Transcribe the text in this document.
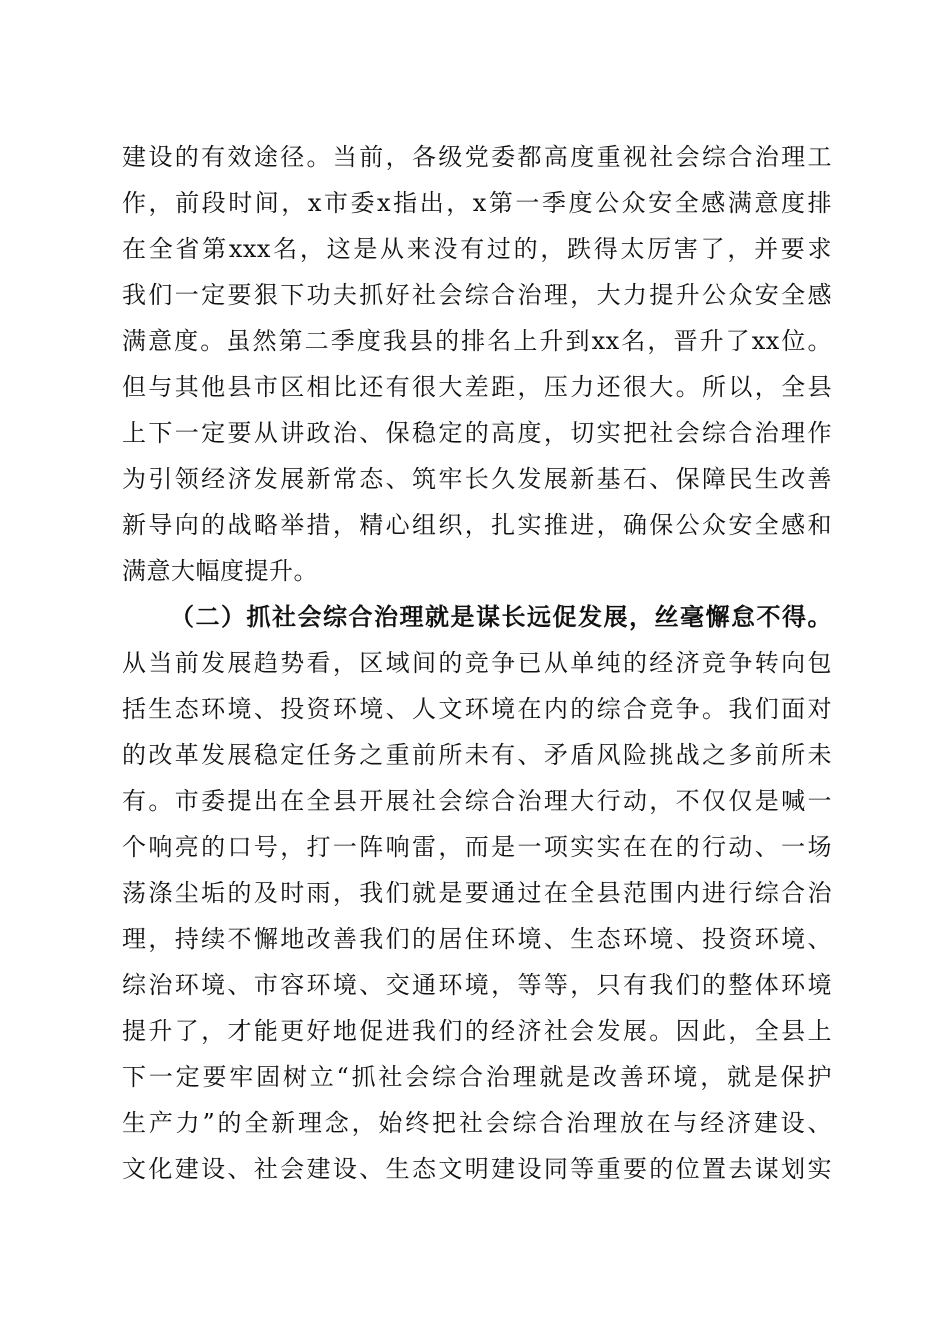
建设的有效途径。当前，各级党委都高度重视社会综合治理工
作，前段时间，x市委x指出，x第一季度公众安全感满意度排
在全省第xxx名，这是从来没有过的，跌得太厉害了，并要求
我们一定要狠下功夫抓好社会综合治理，大力提升公众安全感
满意度。虽然第二季度我县的排名上升到xx名，晋升了xx位。
但与其他县市区相比还有很大差距，压力还很大。所以，全县
上下一定要从讲政治、保稳定的高度，切实把社会综合治理作
为引领经济发展新常态、筑牢长久发展新基石、保障民生改善
新导向的战略举措，精心组织，扎实推进，确保公众安全感和
满意大幅度提升。
（二）抓社会综合治理就是谋长远促发展，丝毫懈怠不得。
从当前发展趋势看，区域间的竞争已从单纯的经济竞争转向包
括生态环境、投资环境、人文环境在内的综合竞争。我们面对
的改革发展稳定任务之重前所未有、矛盾风险挑战之多前所未
有。市委提出在全县开展社会综合治理大行动，不仅仅是喊一
个响亮的口号，打一阵响雷，而是一项实实在在的行动、一场
荡涤尘垢的及时雨，我们就是要通过在全县范围内进行综合治
理，持续不懈地改善我们的居住环境、生态环境、投资环境、
综治环境、市容环境、交通环境，等等，只有我们的整体环境
提升了，才能更好地促进我们的经济社会发展。因此，全县上
下一定要牢固树立“抓社会综合治理就是改善环境，就是保护
生产力”的全新理念，始终把社会综合治理放在与经济建设、
文化建设、社会建设、生态文明建设同等重要的位置去谋划实
